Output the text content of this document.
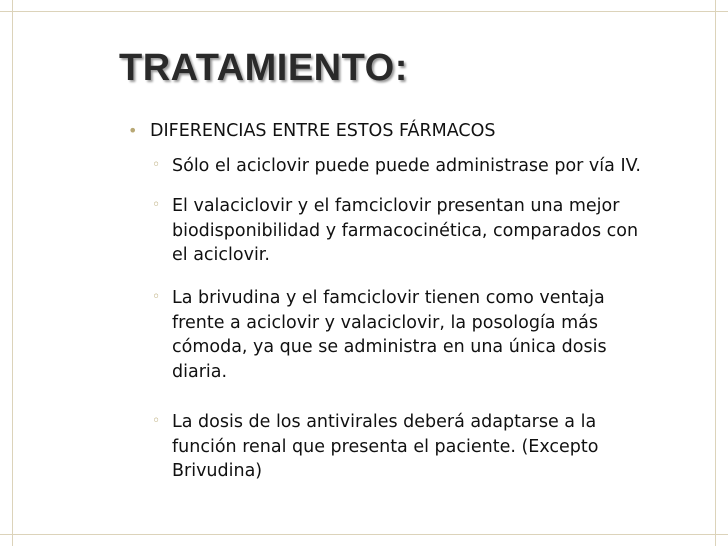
TRATAMIENTO:
• DIFERENCIAS ENTRE ESTOS FÁRMACOS
◦ Sólo el aciclovir puede puede administrase por vía IV.
◦ El valaciclovir y el famciclovir presentan una mejor
biodisponibilidad y farmacocinética, comparados con
el aciclovir.
◦ La brivudina y el famciclovir tienen como ventaja
frente a aciclovir y valaciclovir, la posología más
cómoda, ya que se administra en una única dosis
diaria.
◦ La dosis de los antivirales deberá adaptarse a la
función renal que presenta el paciente. (Excepto
Brivudina)
